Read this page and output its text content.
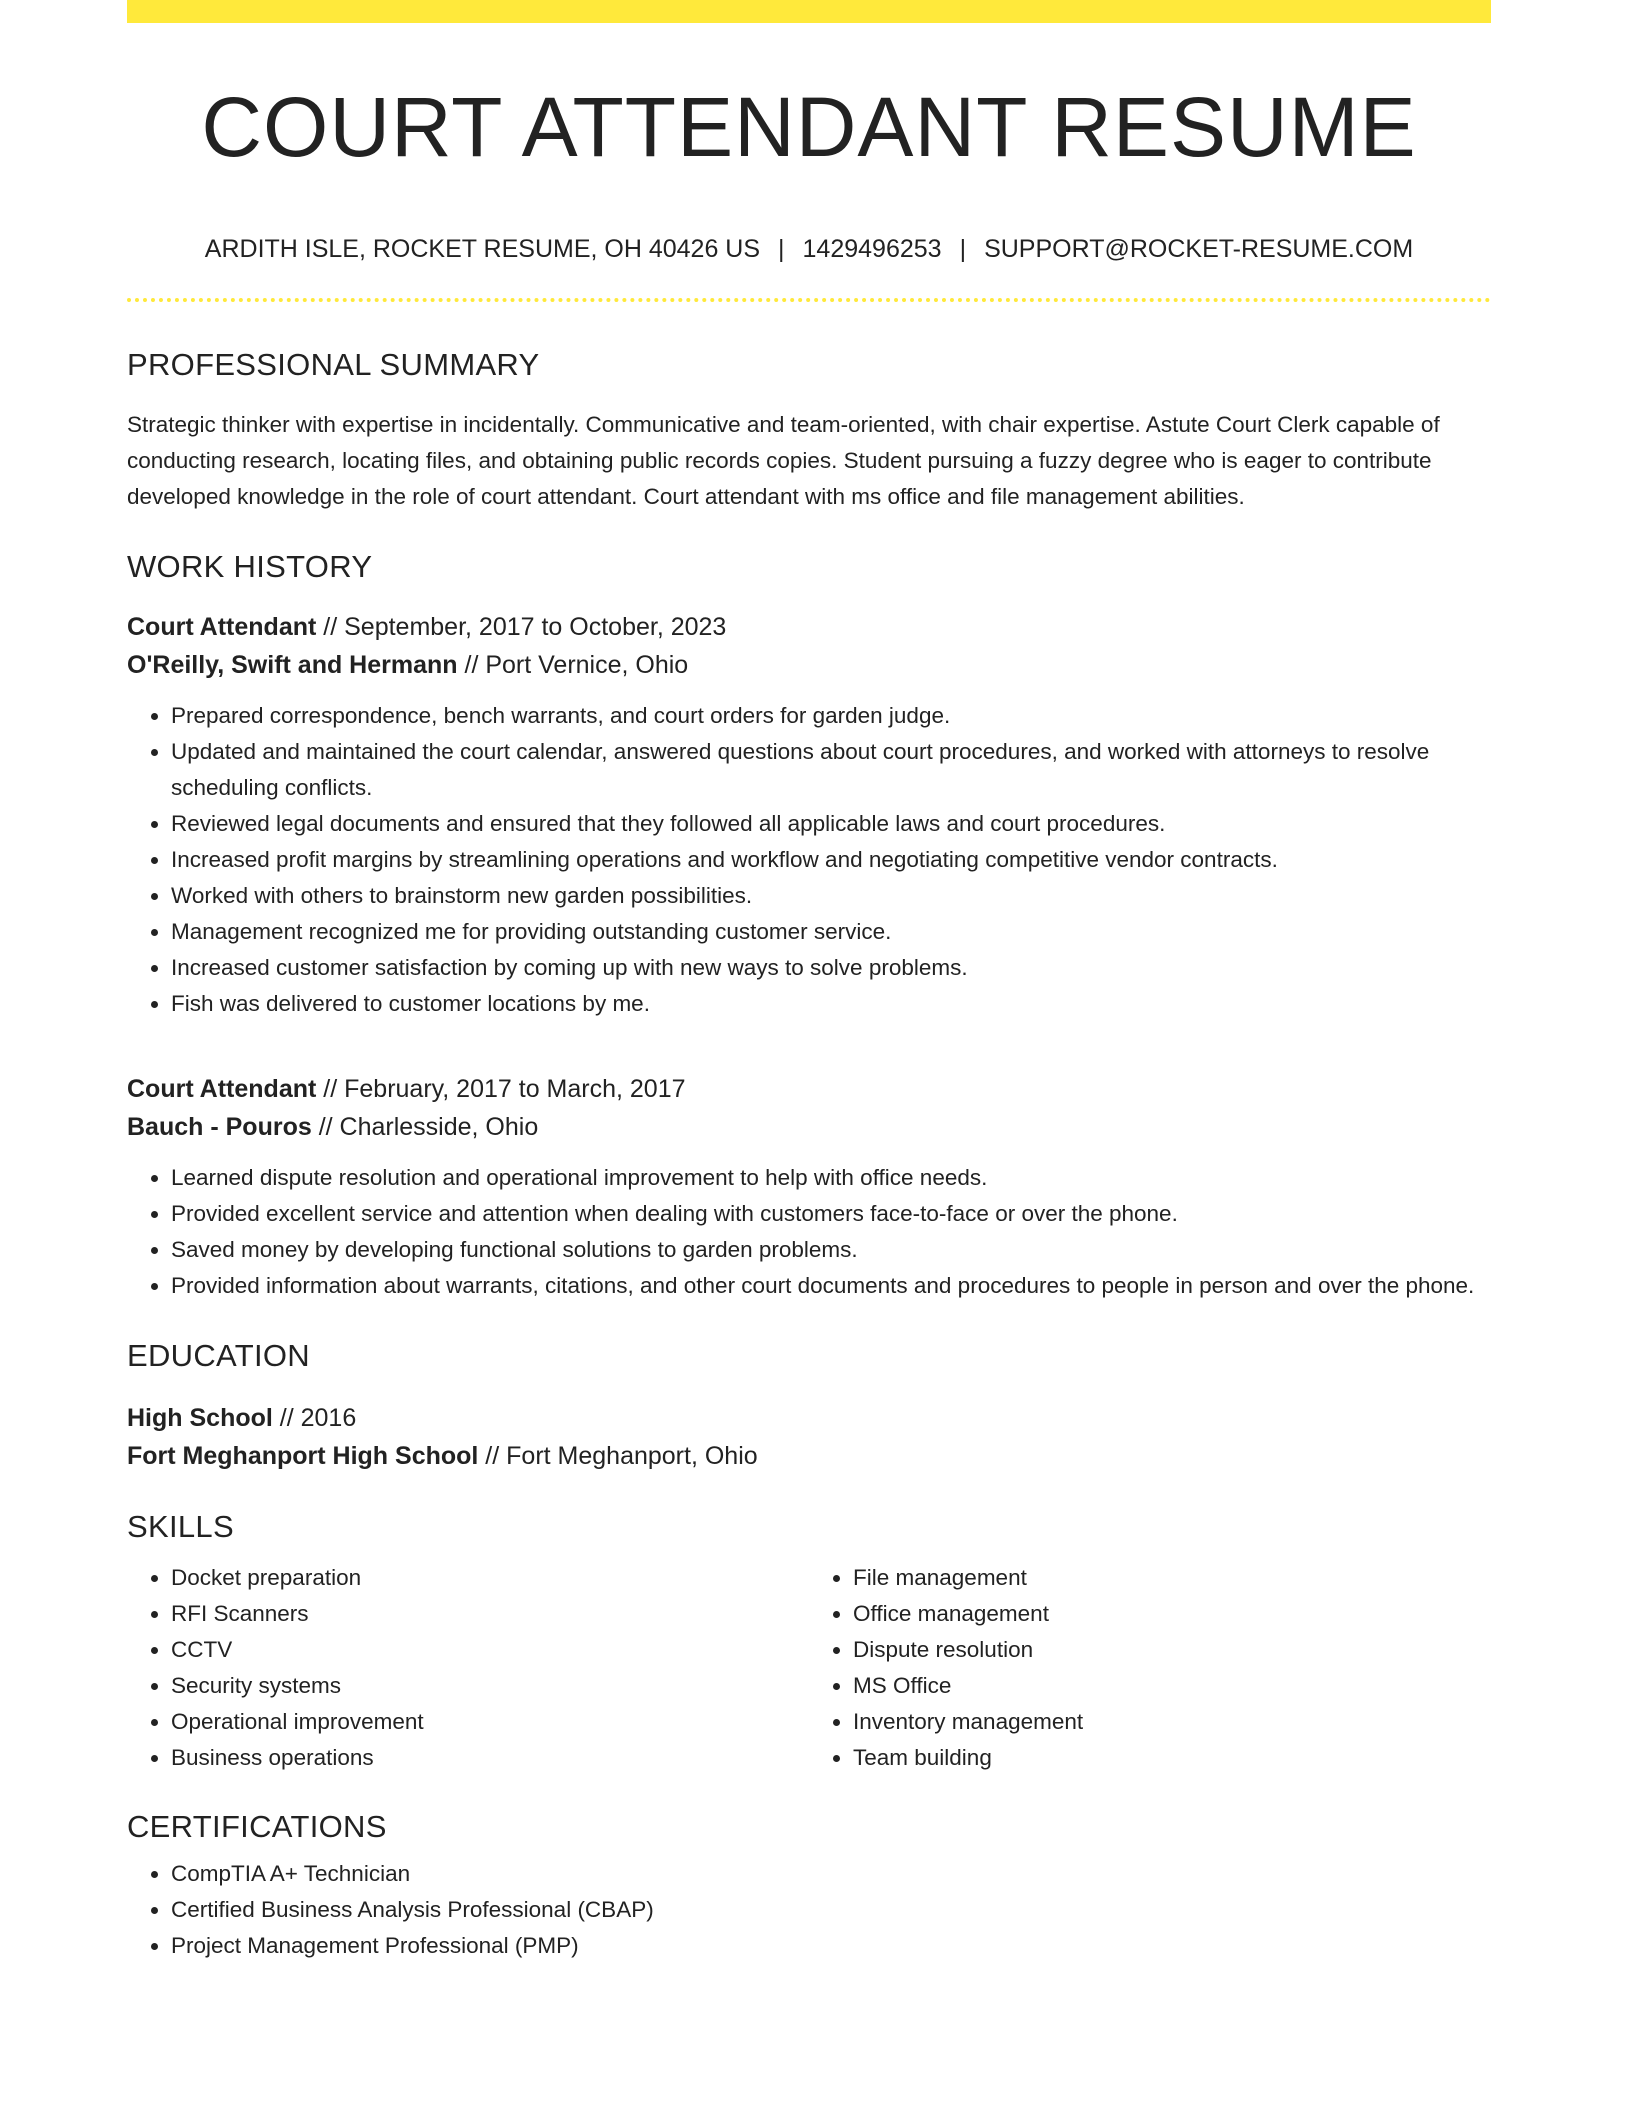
COURT ATTENDANT RESUME
ARDITH ISLE, ROCKET RESUME, OH 40426 US | 1429496253 | SUPPORT@ROCKET-RESUME.COM
PROFESSIONAL SUMMARY
Strategic thinker with expertise in incidentally. Communicative and team-oriented, with chair expertise. Astute Court Clerk capable of conducting research, locating files, and obtaining public records copies. Student pursuing a fuzzy degree who is eager to contribute developed knowledge in the role of court attendant. Court attendant with ms office and file management abilities.
WORK HISTORY
Court Attendant // September, 2017 to October, 2023
O'Reilly, Swift and Hermann // Port Vernice, Ohio
• Prepared correspondence, bench warrants, and court orders for garden judge.
• Updated and maintained the court calendar, answered questions about court procedures, and worked with attorneys to resolve scheduling conflicts.
• Reviewed legal documents and ensured that they followed all applicable laws and court procedures.
• Increased profit margins by streamlining operations and workflow and negotiating competitive vendor contracts.
• Worked with others to brainstorm new garden possibilities.
• Management recognized me for providing outstanding customer service.
• Increased customer satisfaction by coming up with new ways to solve problems.
• Fish was delivered to customer locations by me.
Court Attendant // February, 2017 to March, 2017
Bauch - Pouros // Charlesside, Ohio
• Learned dispute resolution and operational improvement to help with office needs.
• Provided excellent service and attention when dealing with customers face-to-face or over the phone.
• Saved money by developing functional solutions to garden problems.
• Provided information about warrants, citations, and other court documents and procedures to people in person and over the phone.
EDUCATION
High School // 2016
Fort Meghanport High School // Fort Meghanport, Ohio
SKILLS
• Docket preparation
• RFI Scanners
• CCTV
• Security systems
• Operational improvement
• Business operations
• File management
• Office management
• Dispute resolution
• MS Office
• Inventory management
• Team building
CERTIFICATIONS
• CompTIA A+ Technician
• Certified Business Analysis Professional (CBAP)
• Project Management Professional (PMP)
